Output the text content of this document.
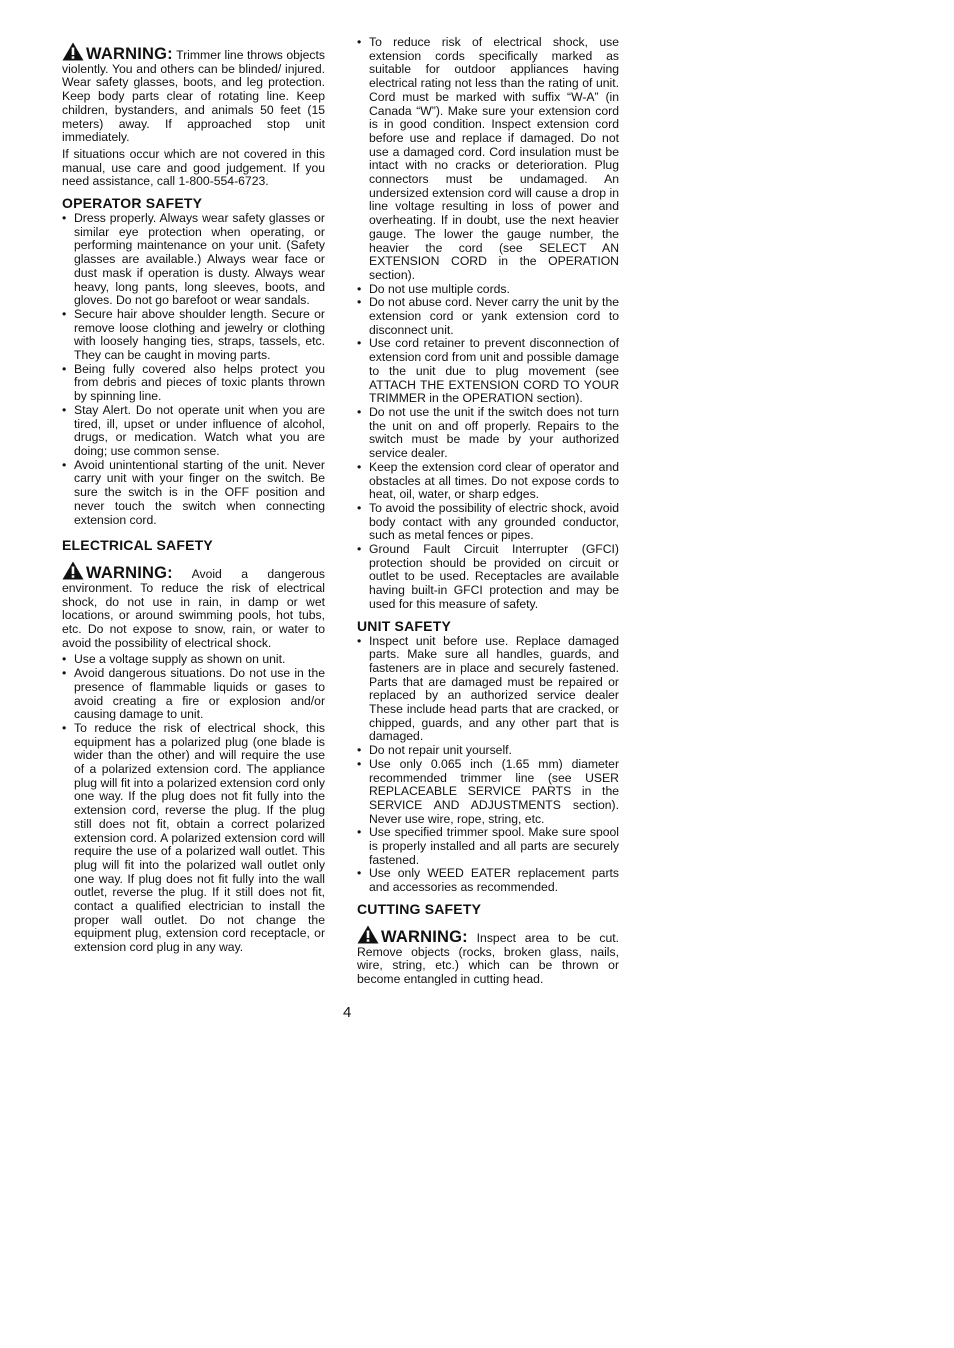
WARNING: Trimmer line throws objects violently. You and others can be blinded/ injured. Wear safety glasses, boots, and leg protection. Keep body parts clear of rotating line. Keep children, bystanders, and animals 50 feet (15 meters) away. If approached stop unit immediately.

If situations occur which are not covered in this manual, use care and good judgement. If you need assistance, call 1-800-554-6723.

OPERATOR SAFETY
• Dress properly. Always wear safety glasses or similar eye protection when operating, or performing maintenance on your unit. (Safety glasses are available.) Always wear face or dust mask if operation is dusty. Always wear heavy, long pants, long sleeves, boots, and gloves. Do not go barefoot or wear sandals.
• Secure hair above shoulder length. Secure or remove loose clothing and jewelry or clothing with loosely hanging ties, straps, tassels, etc. They can be caught in moving parts.
• Being fully covered also helps protect you from debris and pieces of toxic plants thrown by spinning line.
• Stay Alert. Do not operate unit when you are tired, ill, upset or under influence of alcohol, drugs, or medication. Watch what you are doing; use common sense.
• Avoid unintentional starting of the unit. Never carry unit with your finger on the switch. Be sure the switch is in the OFF position and never touch the switch when connecting extension cord.
ELECTRICAL SAFETY

WARNING: Avoid a dangerous environment. To reduce the risk of electrical shock, do not use in rain, in damp or wet locations, or around swimming pools, hot tubs, etc. Do not expose to snow, rain, or water to avoid the possibility of electrical shock.

• Use a voltage supply as shown on unit.
• Avoid dangerous situations. Do not use in the presence of flammable liquids or gases to avoid creating a fire or explosion and/or causing damage to unit.
• To reduce the risk of electrical shock, this equipment has a polarized plug (one blade is wider than the other) and will require the use of a polarized extension cord. The appliance plug will fit into a polarized extension cord only one way. If the plug does not fit fully into the extension cord, reverse the plug. If the plug still does not fit, obtain a correct polarized extension cord. A polarized extension cord will require the use of a polarized wall outlet. This plug will fit into the polarized wall outlet only one way. If plug does not fit fully into the wall outlet, reverse the plug. If it still does not fit, contact a qualified electrician to install the proper wall outlet. Do not change the equipment plug, extension cord receptacle, or extension cord plug in any way.
• To reduce risk of electrical shock, use extension cords specifically marked as suitable for outdoor appliances having electrical rating not less than the rating of unit. Cord must be marked with suffix “W-A” (in Canada “W”). Make sure your extension cord is in good condition. Inspect extension cord before use and replace if damaged. Do not use a damaged cord. Cord insulation must be intact with no cracks or deterioration. Plug connectors must be undamaged. An undersized extension cord will cause a drop in line voltage resulting in loss of power and overheating. If in doubt, use the next heavier gauge. The lower the gauge number, the heavier the cord (see SELECT AN EXTENSION CORD in the OPERATION section).
• Do not use multiple cords.
• Do not abuse cord. Never carry the unit by the extension cord or yank extension cord to disconnect unit.
• Use cord retainer to prevent disconnection of extension cord from unit and possible damage to the unit due to plug movement (see ATTACH THE EXTENSION CORD TO YOUR TRIMMER in the OPERATION section).
• Do not use the unit if the switch does not turn the unit on and off properly. Repairs to the switch must be made by your authorized service dealer.
• Keep the extension cord clear of operator and obstacles at all times. Do not expose cords to heat, oil, water, or sharp edges.
• To avoid the possibility of electric shock, avoid body contact with any grounded conductor, such as metal fences or pipes.
• Ground Fault Circuit Interrupter (GFCI) protection should be provided on circuit or outlet to be used. Receptacles are available having built-in GFCI protection and may be used for this measure of safety.
UNIT SAFETY
• Inspect unit before use. Replace damaged parts. Make sure all handles, guards, and fasteners are in place and securely fastened. Parts that are damaged must be repaired or replaced by an authorized service dealer These include head parts that are cracked, or chipped, guards, and any other part that is damaged.
• Do not repair unit yourself.
• Use only 0.065 inch (1.65 mm) diameter recommended trimmer line (see USER REPLACEABLE SERVICE PARTS in the SERVICE AND ADJUSTMENTS section). Never use wire, rope, string, etc.
• Use specified trimmer spool. Make sure spool is properly installed and all parts are securely fastened.
• Use only WEED EATER replacement parts and accessories as recommended.
CUTTING SAFETY

WARNING: Inspect area to be cut. Remove objects (rocks, broken glass, nails, wire, string, etc.) which can be thrown or become entangled in cutting head.

4
